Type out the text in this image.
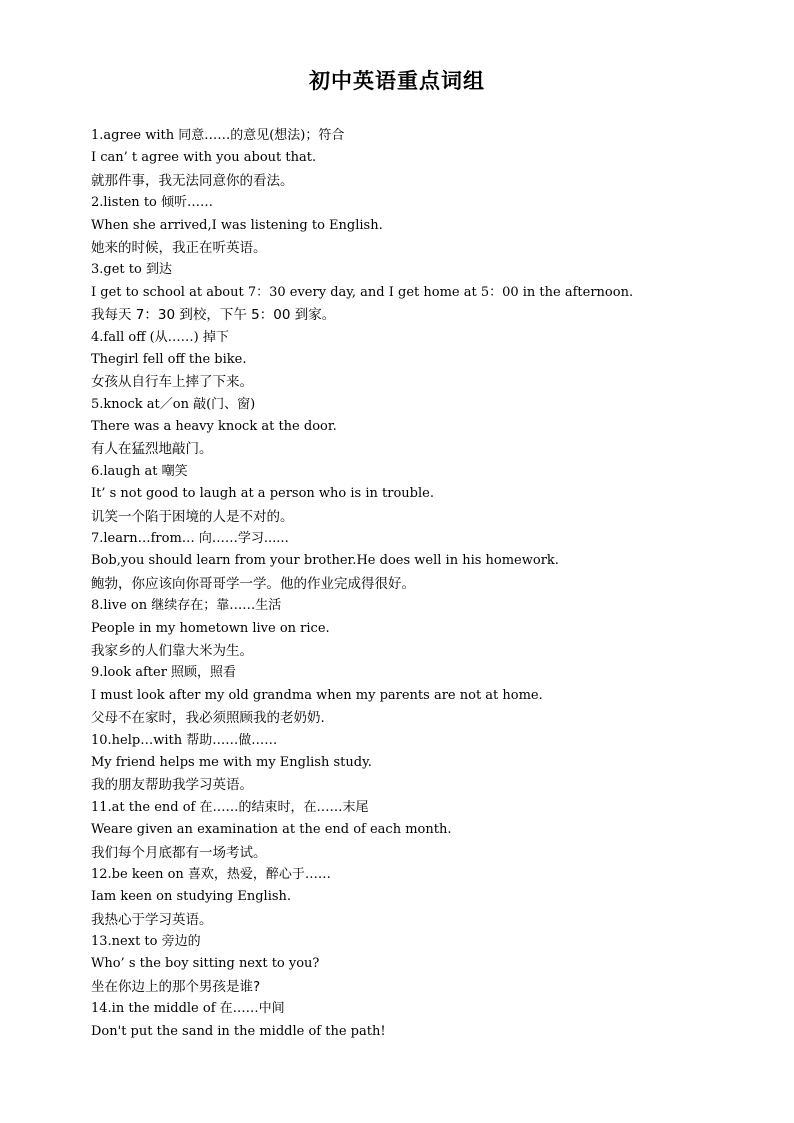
初中英语重点词组
1.agree with 同意……的意见(想法)；符合
I can’ t agree with you about that.
就那件事，我无法同意你的看法。
2.listen to 倾听……
When she arrived,I was listening to English.
她来的时候，我正在听英语。
3.get to 到达
I get to school at about 7：30 every day, and I get home at 5：00 in the afternoon.
我每天 7：30 到校，下午 5：00 到家。
4.fall off (从……) 掉下
Thegirl fell off the bike.
女孩从自行车上摔了下来。
5.knock at／on 敲(门、窗)
There was a heavy knock at the door.
有人在猛烈地敲门。
6.laugh at 嘲笑
It’ s not good to laugh at a person who is in trouble.
讥笑一个陷于困境的人是不对的。
7.learn…from… 向……学习......
Bob,you should learn from your brother.He does well in his homework.
鲍勃，你应该向你哥哥学一学。他的作业完成得很好。
8.live on 继续存在；靠……生活
People in my hometown live on rice.
我家乡的人们靠大米为生。
9.look after 照顾，照看
I must look after my old grandma when my parents are not at home.
父母不在家时，我必须照顾我的老奶奶.
10.help…with 帮助……做……
My friend helps me with my English study.
我的朋友帮助我学习英语。
11.at the end of 在……的结束时，在……末尾
Weare given an examination at the end of each month.
我们每个月底都有一场考试。
12.be keen on 喜欢，热爱，醉心于……
Iam keen on studying English.
我热心于学习英语。
13.next to 旁边的
Who’ s the boy sitting next to you?
坐在你边上的那个男孩是谁?
14.in the middle of 在……中间
Don't put the sand in the middle of the path!
